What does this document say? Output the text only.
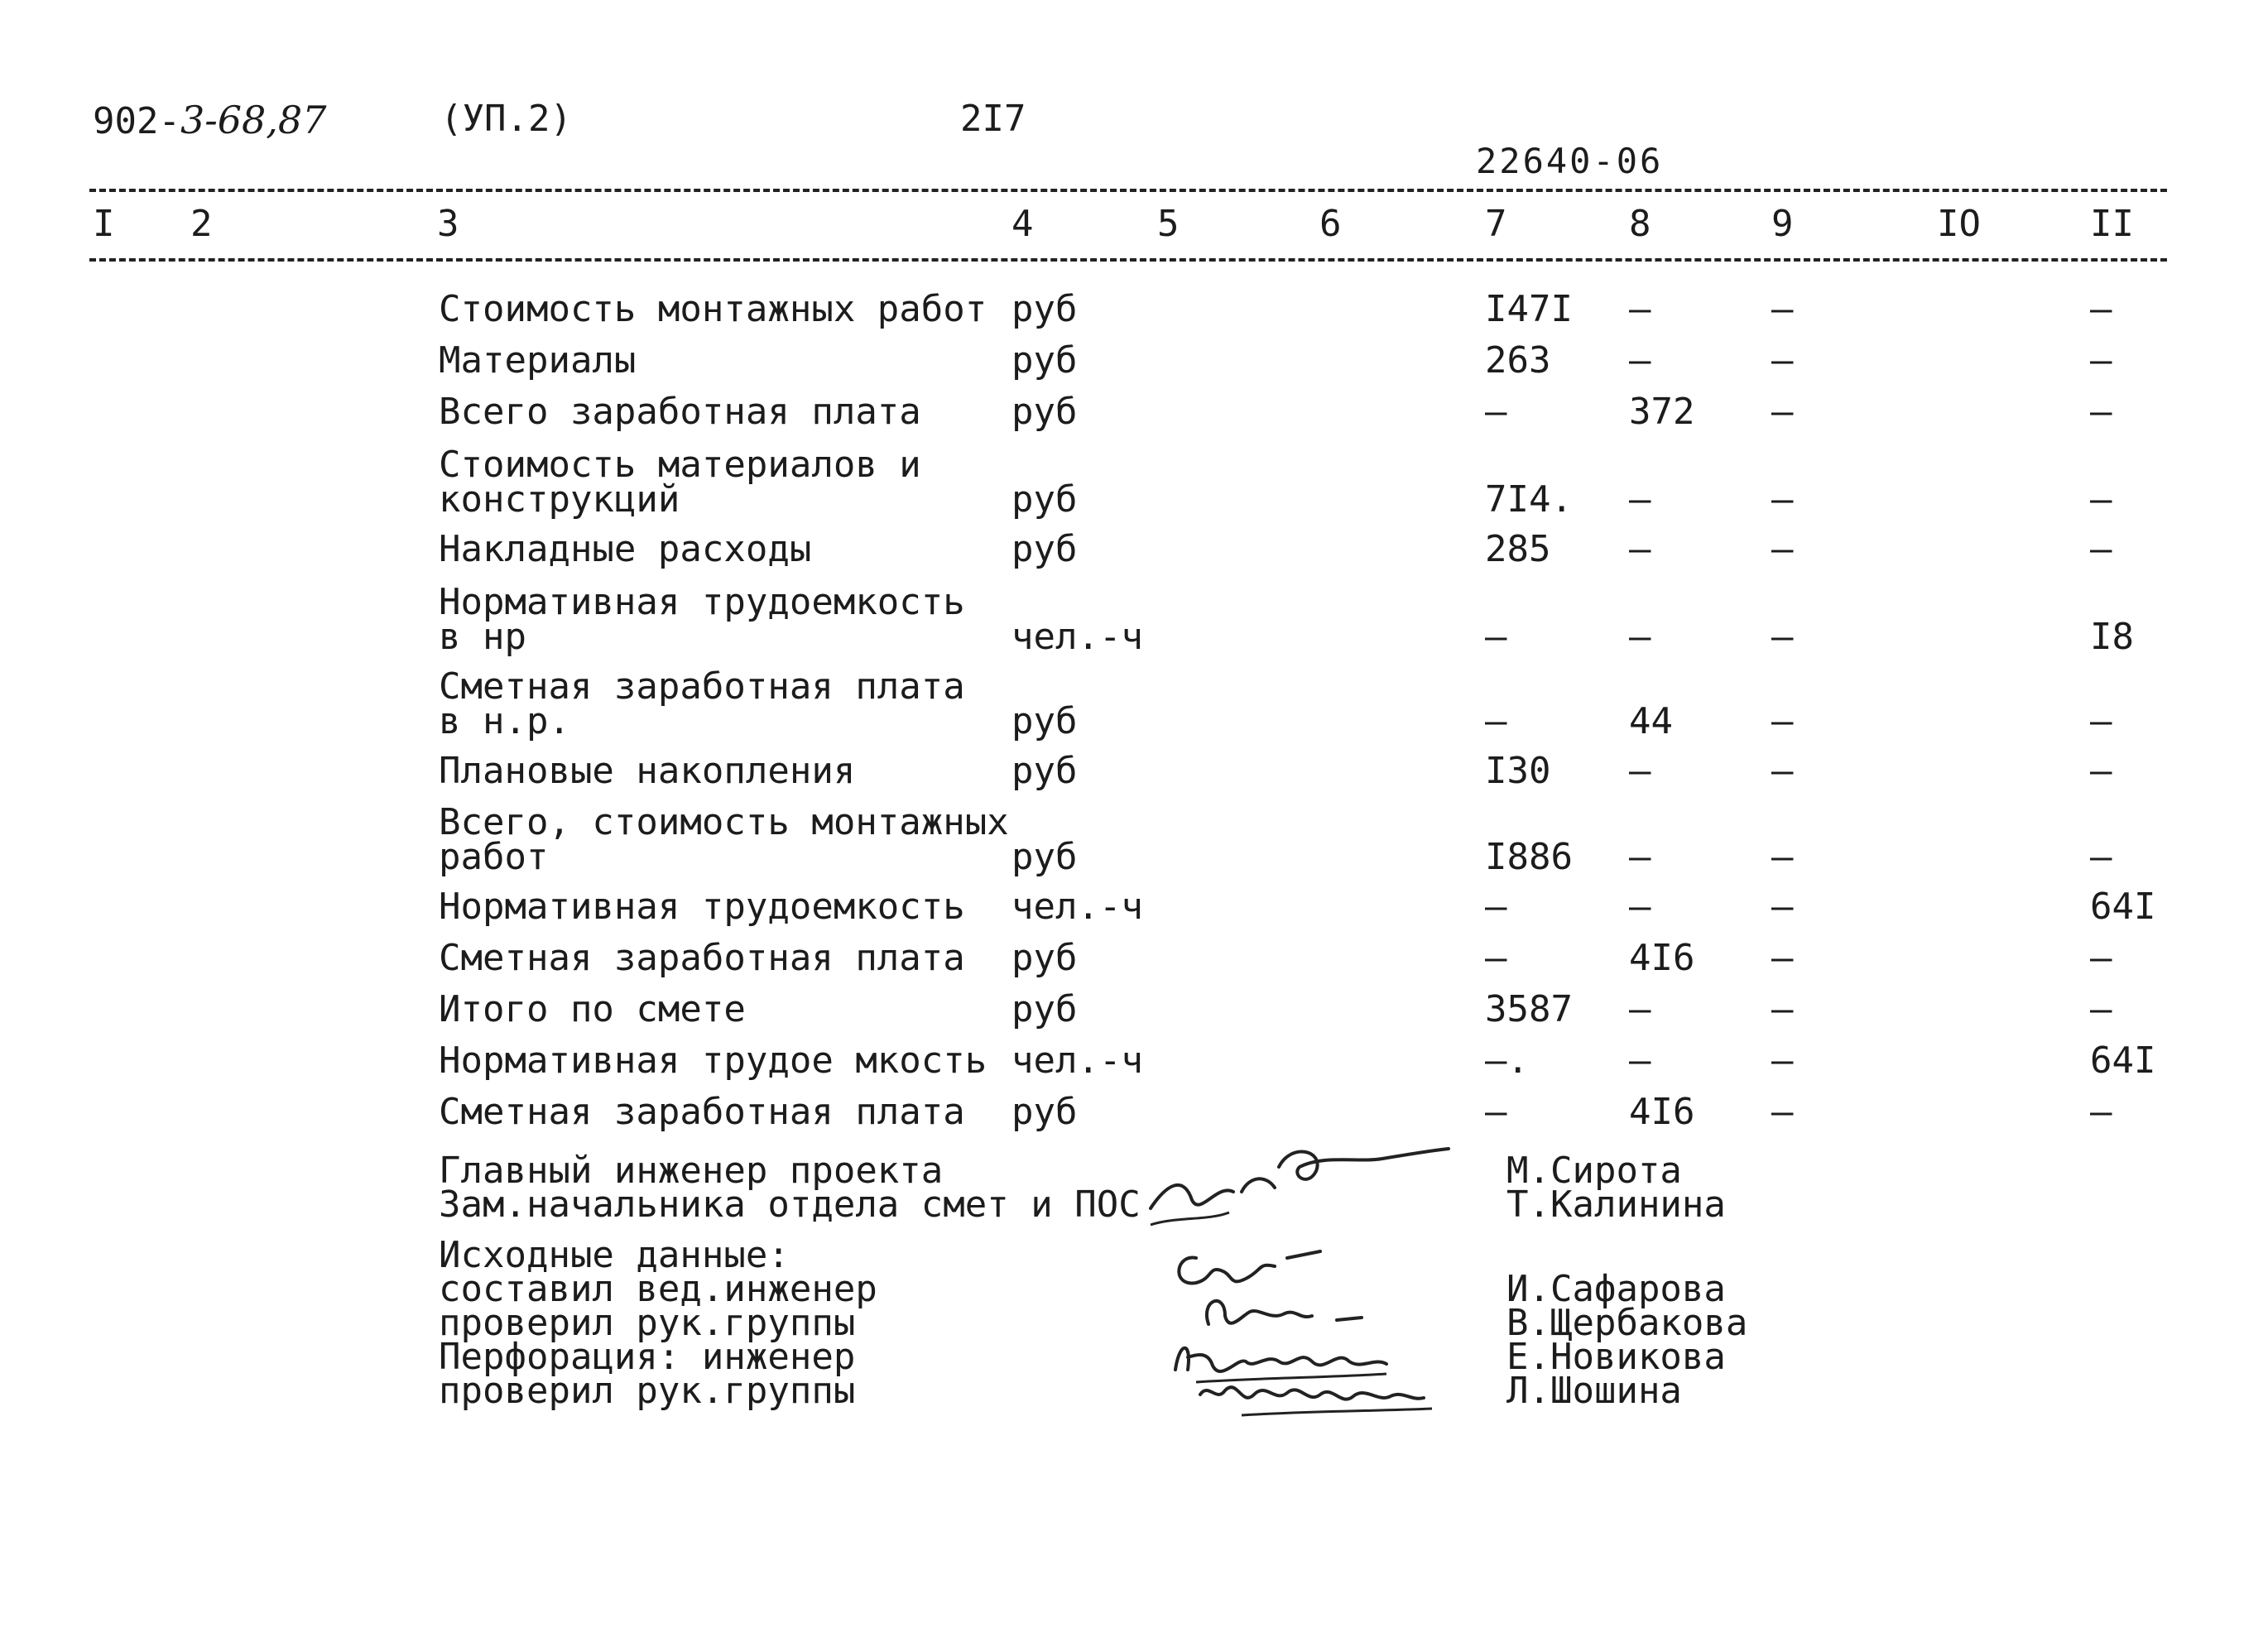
902-3-68,87	(УП.2)	2I7
22640-06
I 2	3	4	5	6	7	8	9	IO	II
Стоимость монтажных работ руб	I47I –	–	–
Материалы	руб	263 –	–	–
Всего заработная плата руб	–	372 –	–
Стоимость материалов и
конструкций	руб	7I4. –	–	–
Накладные расходы	руб	285 –	–	–
Нормативная трудоемкость
в нр	чел.-ч	–	–	–	I8
Сметная заработная плата
в н.р.	руб	–	44	–	–
Плановые накопления	руб	I30 –	–	–
Всего, стоимость монтажных
работ	руб	I886 –	–	–
Нормативная трудоемкость чел.-ч	–	–	–	64I
Сметная заработная плата руб	–	4I6 –	–
Итого по смете	руб	3587 –	–	–
Нормативная трудое мкость чел.-ч	–.	–	–	64I
Сметная заработная плата руб	–	4I6 –	–
Главный инженер проекта
Зам.начальника отдела смет и ПОС
М.Сирота
Т.Калинина
Исходные данные:
составил вед.инженер
проверил рук.группы
Перфорация: инженер
проверил рук.группы
И.Сафарова
В.Щербакова
Е.Новикова
Л.Шошина
